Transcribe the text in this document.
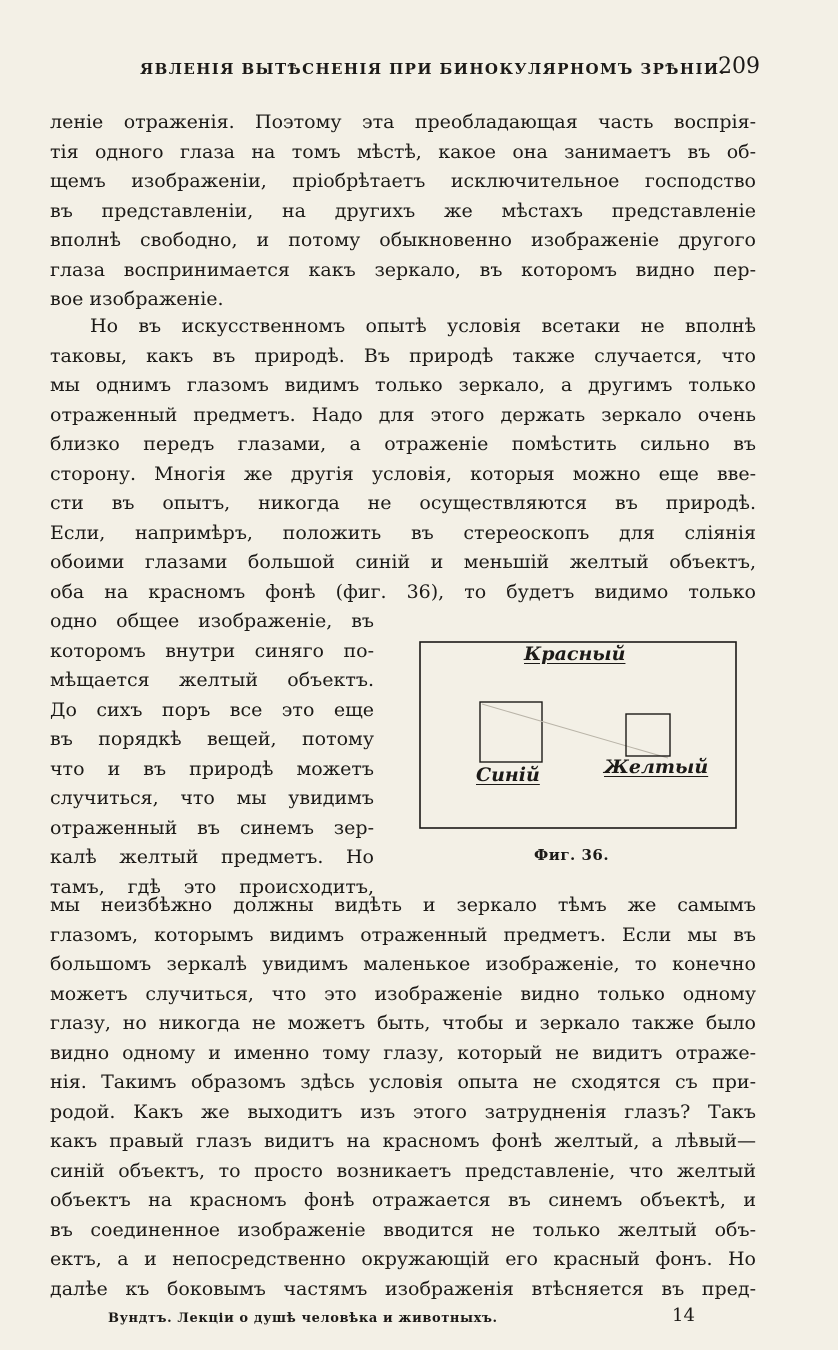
ЯВЛЕНІЯ ВЫТѢСНЕНІЯ ПРИ БИНОКУЛЯРНОМЪ ЗРѢНІИ.
209
леніе отраженія. Поэтому эта преобладающая часть воспрія-
тія одного глаза на томъ мѣстѣ, какое она занимаетъ въ об-
щемъ изображеніи, пріобрѣтаетъ исключительное господство
въ представленіи, на другихъ же мѣстахъ представленіе
вполнѣ свободно, и потому обыкновенно изображеніе другого
глаза воспринимается какъ зеркало, въ которомъ видно пер-
вое изображеніе.
Но въ искусственномъ опытѣ условія всетаки не вполнѣ
таковы, какъ въ природѣ. Въ природѣ также случается, что
мы однимъ глазомъ видимъ только зеркало, а другимъ только
отраженный предметъ. Надо для этого держать зеркало очень
близко передъ глазами, а отраженіе помѣстить сильно въ
сторону. Многія же другія условія, которыя можно еще вве-
сти въ опытъ, никогда не осуществляются въ природѣ.
Если, напримѣръ, положить въ стереоскопъ для слiянія
обоими глазами большой синій и меньшій желтый объектъ,
оба на красномъ фонѣ (фиг. 36), то будетъ видимо только
одно общее изображеніе, въ
которомъ внутри синяго по-
мѣщается желтый объектъ.
До сихъ поръ все это еще
въ порядкѣ вещей, потому
что и въ природѣ можетъ
случиться, что мы увидимъ
отраженный въ синемъ зер-
калѣ желтый предметъ. Но
тамъ, гдѣ это происходитъ,
Красный
Синій	Желтый
Фиг. 36.
мы неизбѣжно должны видѣть и зеркало тѣмъ же самымъ
глазомъ, которымъ видимъ отраженный предметъ. Если мы въ
большомъ зеркалѣ увидимъ маленькое изображеніе, то конечно
можетъ случиться, что это изображеніе видно только одному
глазу, но никогда не можетъ быть, чтобы и зеркало также было
видно одному и именно тому глазу, который не видитъ отраже-
нія. Такимъ образомъ здѣсь условія опыта не сходятся съ при-
родой. Какъ же выходитъ изъ этого затрудненія глазъ? Такъ
какъ правый глазъ видитъ на красномъ фонѣ желтый, а лѣвый—
синій объектъ, то просто возникаетъ представленіе, что желтый
объектъ на красномъ фонѣ отражается въ синемъ объектѣ, и
въ соединенное изображеніе вводится не только желтый объ-
ектъ, а и непосредственно окружающій его красный фонъ. Но
далѣе къ боковымъ частямъ изображенія втѣсняется въ пред-
Вундтъ. Лекціи о душѣ человѣка и животныхъ.	14
